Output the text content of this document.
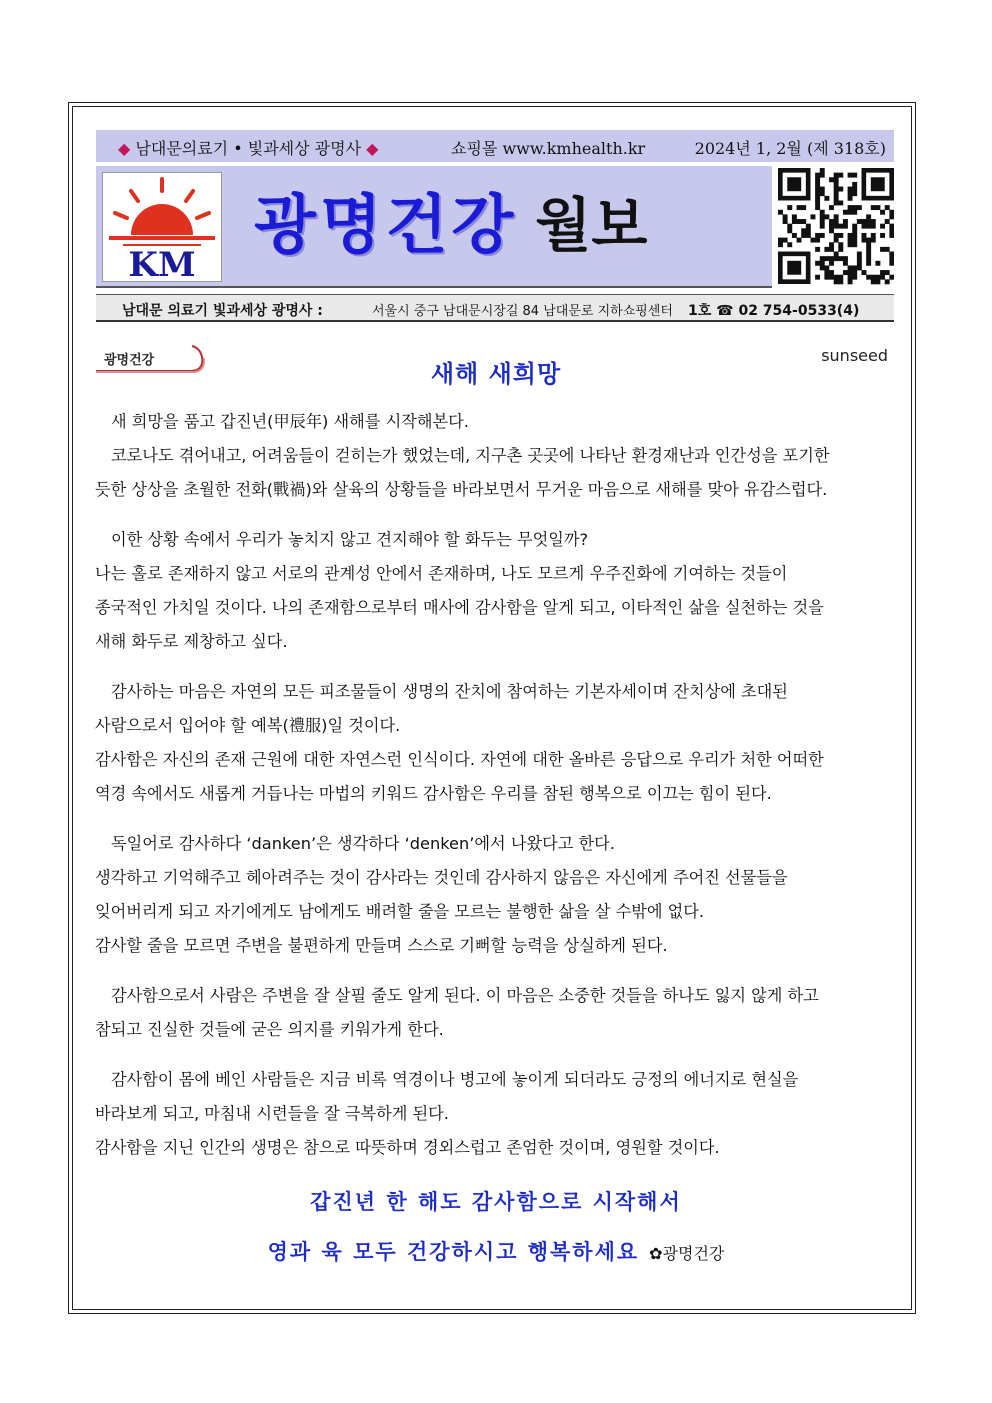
◆ 남대문의료기 • 빛과세상 광명사 ◆	쇼핑몰 www.kmhealth.kr	2024년 1, 2월 (제 318호)
KM
광명건강 월보
남대문 의료기 빛과세상 광명사 :	서울시 중구 남대문시장길 84 남대문로 지하쇼핑센터 1호 ☎ 02 754-0533(4)
광명건강	sunseed
새해 새희망

새 희망을 품고 갑진년(甲辰年) 새해를 시작해본다.

코로나도 겪어내고, 어려움들이 걷히는가 했었는데, 지구촌 곳곳에 나타난 환경재난과 인간성을 포기한

듯한 상상을 초월한 전화(戰禍)와 살육의 상황들을 바라보면서 무거운 마음으로 새해를 맞아 유감스럽다.

이한 상황 속에서 우리가 놓치지 않고 견지해야 할 화두는 무엇일까?

나는 홀로 존재하지 않고 서로의 관계성 안에서 존재하며, 나도 모르게 우주진화에 기여하는 것들이

종국적인 가치일 것이다. 나의 존재함으로부터 매사에 감사함을 알게 되고, 이타적인 삶을 실천하는 것을

새해 화두로 제창하고 싶다.

감사하는 마음은 자연의 모든 피조물들이 생명의 잔치에 참여하는 기본자세이며 잔치상에 초대된

사람으로서 입어야 할 예복(禮服)일 것이다.

감사함은 자신의 존재 근원에 대한 자연스런 인식이다. 자연에 대한 올바른 응답으로 우리가 처한 어떠한

역경 속에서도 새롭게 거듭나는 마법의 키워드 감사함은 우리를 참된 행복으로 이끄는 힘이 된다.

독일어로 감사하다 ‘danken’은 생각하다 ‘denken’에서 나왔다고 한다.

생각하고 기억해주고 헤아려주는 것이 감사라는 것인데 감사하지 않음은 자신에게 주어진 선물들을

잊어버리게 되고 자기에게도 남에게도 배려할 줄을 모르는 불행한 삶을 살 수밖에 없다.

감사할 줄을 모르면 주변을 불편하게 만들며 스스로 기뻐할 능력을 상실하게 된다.

감사함으로서 사람은 주변을 잘 살필 줄도 알게 된다. 이 마음은 소중한 것들을 하나도 잃지 않게 하고

참되고 진실한 것들에 굳은 의지를 키워가게 한다.

감사함이 몸에 베인 사람들은 지금 비록 역경이나 병고에 놓이게 되더라도 긍정의 에너지로 현실을

바라보게 되고, 마침내 시련들을 잘 극복하게 된다.

감사함을 지닌 인간의 생명은 참으로 따뜻하며 경외스럽고 존엄한 것이며, 영원할 것이다.

갑진년 한 해도 감사함으로 시작해서
영과 육 모두 건강하시고 행복하세요 ✿광명건강
